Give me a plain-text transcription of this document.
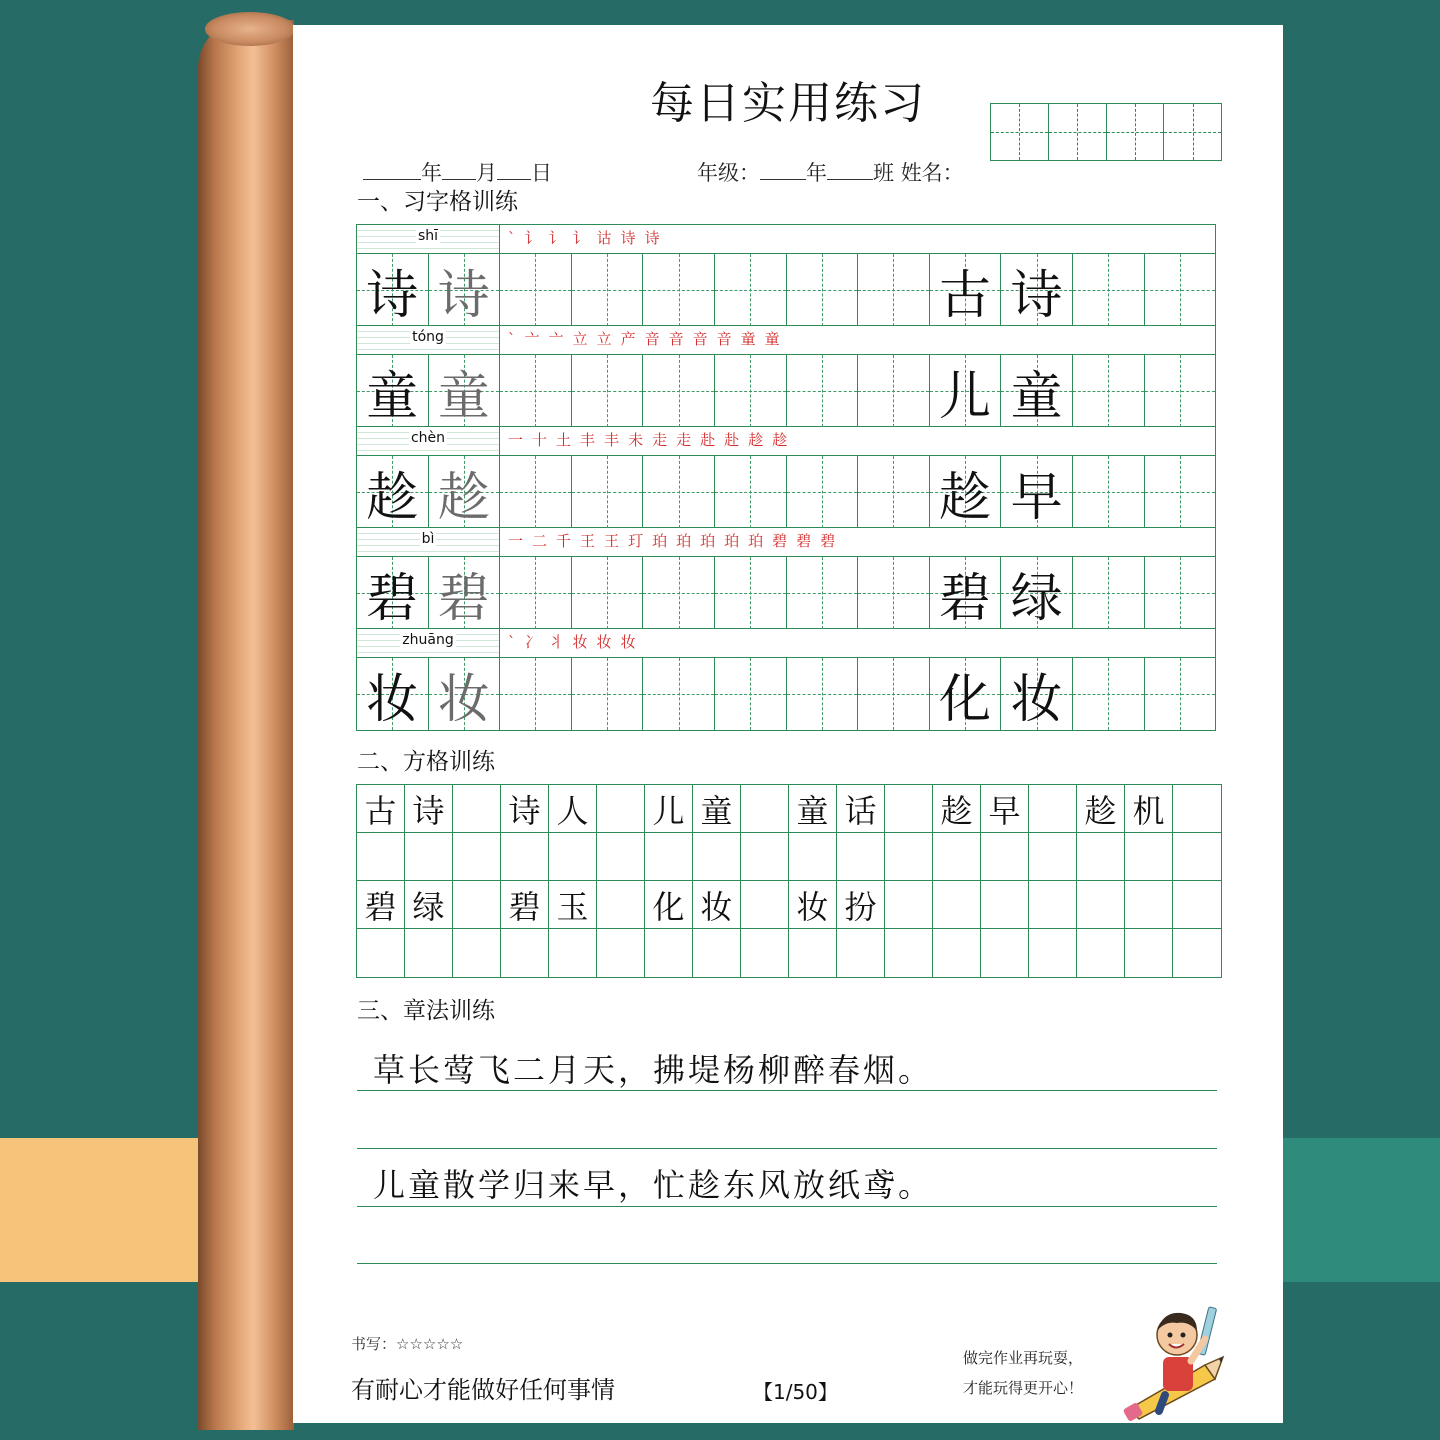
每日实用练习
年 月 日	年级： 年 班 姓名：
一、习字格训练
shī	` 讠 讠 讠 诂 诗 诗
诗 诗	古 诗
tóng	` 亠 亠 立 立 产 音 音 音 音 童 童
童 童	儿 童
chèn	一 十 土 丰 丰 未 走 走 赴 赴 趁 趁
趁 趁	趁 早
bì	一 二 千 王 王 玎 珀 珀 珀 珀 珀 碧 碧 碧
碧 碧	碧 绿
zhuāng	` 冫 丬 妆 妆 妆
妆 妆	化 妆
二、方格训练
古 诗 诗 人 儿 童 童 话 趁 早 趁 机
碧 绿 碧 玉 化 妆 妆 扮
三、章法训练
草长莺飞二月天，拂堤杨柳醉春烟。
儿童散学归来早，忙趁东风放纸鸢。
书写：☆☆☆☆☆
有耐心才能做好任何事情	【1/50】
做完作业再玩耍，
才能玩得更开心！
